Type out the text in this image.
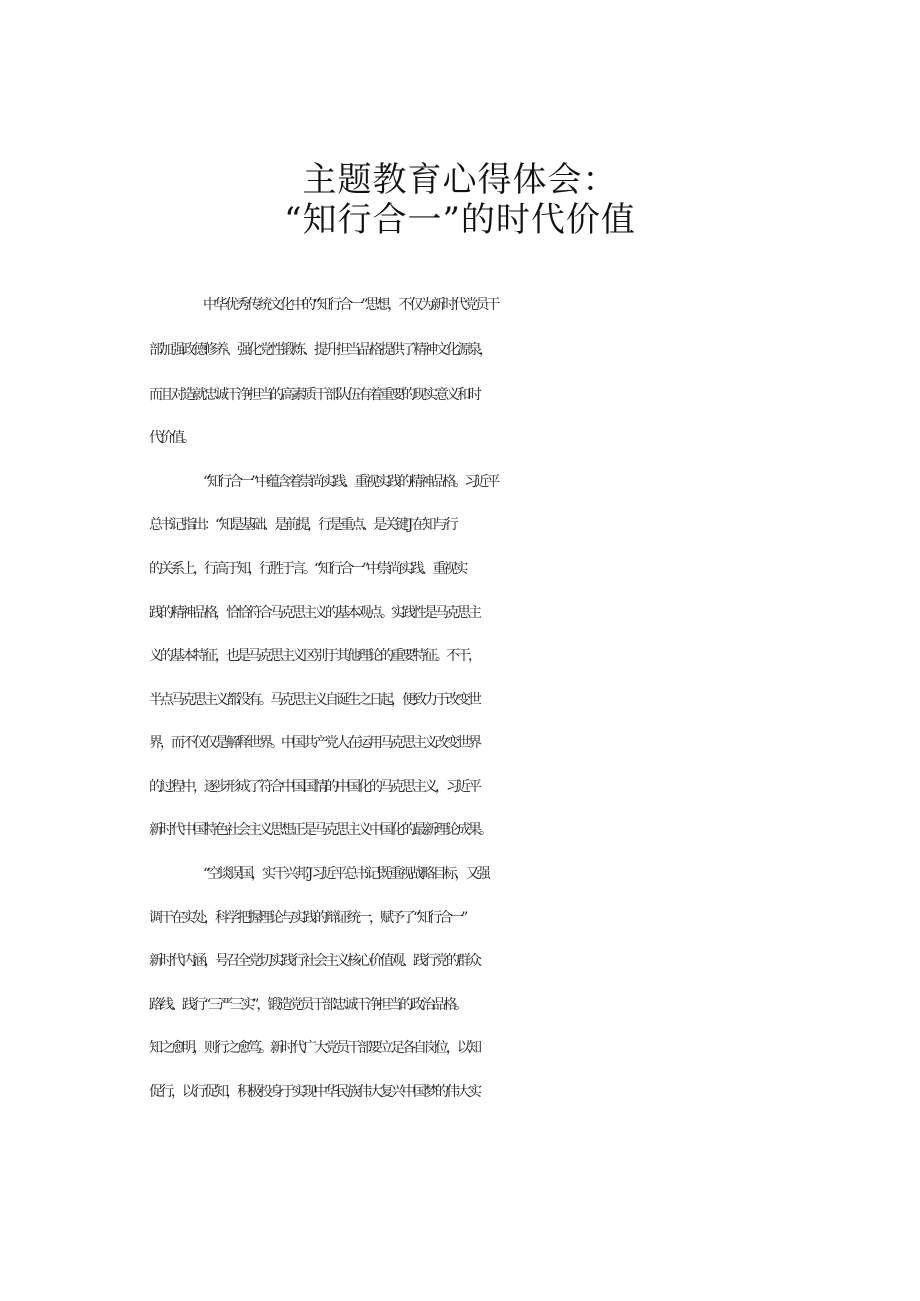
主题教育心得体会：
“知行合一”的时代价值
中华优秀传统文化中的“知行合一”思想，不仅为新时代党员干
部加强政德修养、强化党性锻炼、提升担当品格提供了精神文化源泉，
而且对造就忠诚干净担当的高素质干部队伍有着重要的现实意义和时
代价值。
“知行合一”中蕴含着崇尚实践、重视实践的精神品格。习近平
总书记指出：“知是基础、是前提，行是重点、是关键 J 在知与行
的关系上，行高于知，行胜于言。“知行合一”中崇尚实践、重视实
践的精神品格，恰恰符合马克思主义的基本观点。实践性是马克思主
义的基本特征，也是马克思主义区别于其他理论的重要特征。不干，
半点马克思主义都没有。马克思主义自诞生之日起，便致力于改变世
界，而不仅仅是解释世界。中国共产党人在运用马克思主义改变世界
的过程中，逐步形成了符合中国国情的中国化的马克思主义，习近平
新时代中国特色社会主义思想正是马克思主义中国化的最新理论成果。
“空谈误国，实干兴邦 J 习近平总书记既重视战略目标，又强
调干在实处，科学把握理论与实践的辩证统一，赋予了“知行合一”
新时代内涵，号召全党切实践行社会主义核心价值观、践行党的群众
路线、践行“三严三实”，锻造党员干部忠诚干净担当的政治品格。
知之愈明，则行之愈笃。新时代广大党员干部要立足各自岗位，以知
促行，以行促知，积极投身于实现中华民族伟大复兴中国梦的伟大实
